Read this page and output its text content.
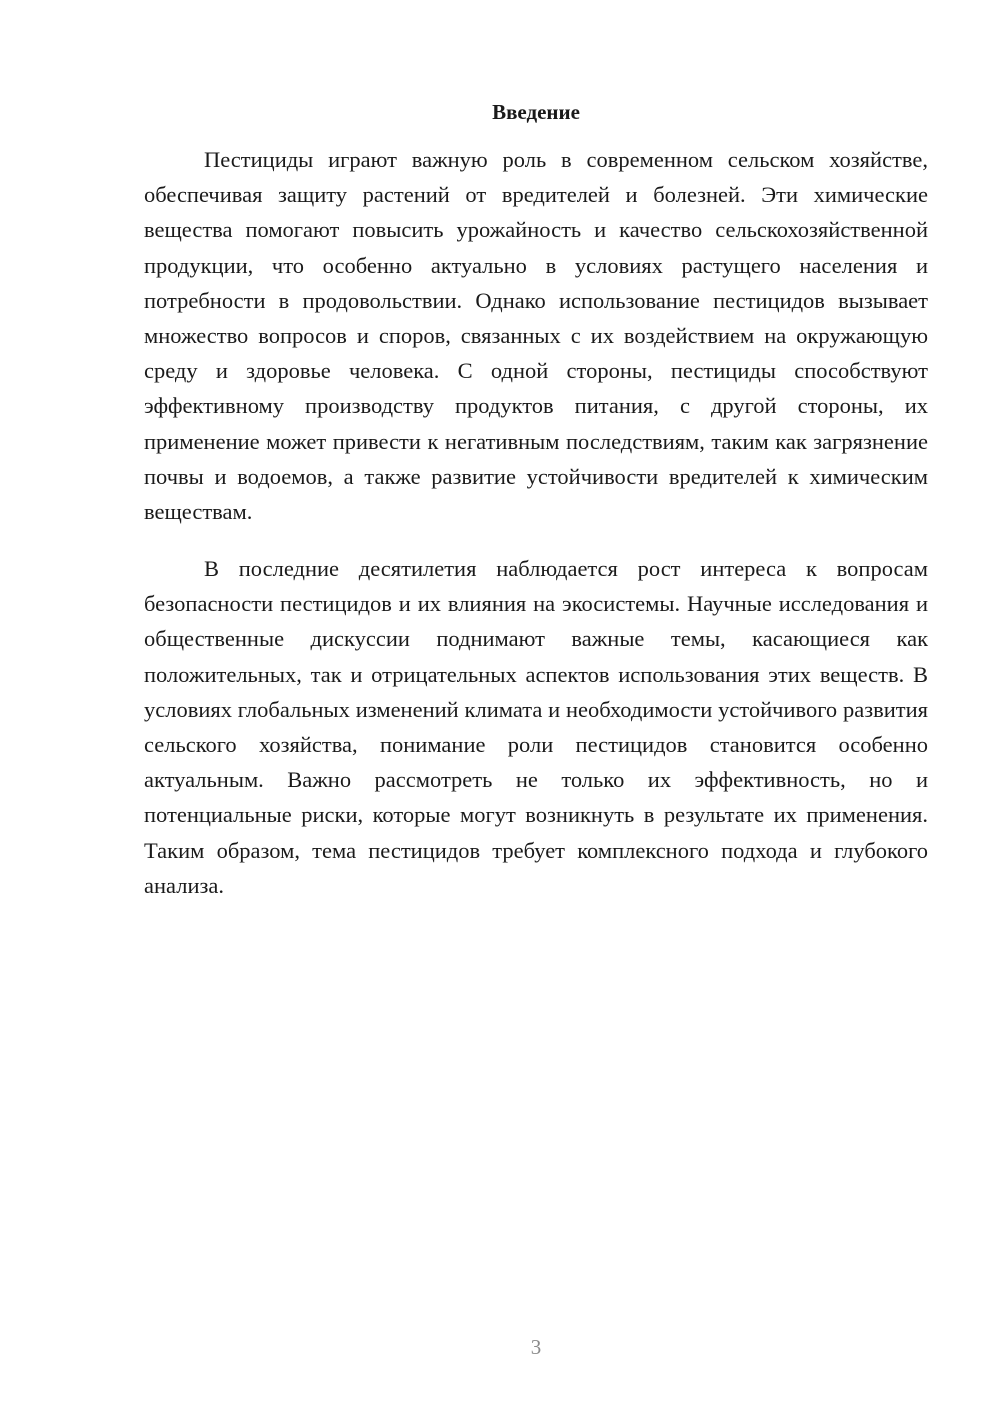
Введение

Пестициды играют важную роль в современном сельском хозяйстве, обеспечивая защиту растений от вредителей и болезней. Эти химические вещества помогают повысить урожайность и качество сельскохозяйственной продукции, что особенно актуально в условиях растущего населения и потребности в продовольствии. Однако использование пестицидов вызывает множество вопросов и споров, связанных с их воздействием на окружающую среду и здоровье человека. С одной стороны, пестициды способствуют эффективному производству продуктов питания, с другой стороны, их применение может привести к негативным последствиям, таким как загрязнение почвы и водоемов, а также развитие устойчивости вредителей к химическим веществам.

В последние десятилетия наблюдается рост интереса к вопросам безопасности пестицидов и их влияния на экосистемы. Научные исследования и общественные дискуссии поднимают важные темы, касающиеся как положительных, так и отрицательных аспектов использования этих веществ. В условиях глобальных изменений климата и необходимости устойчивого развития сельского хозяйства, понимание роли пестицидов становится особенно актуальным. Важно рассмотреть не только их эффективность, но и потенциальные риски, которые могут возникнуть в результате их применения. Таким образом, тема пестицидов требует комплексного подхода и глубокого анализа.

3
